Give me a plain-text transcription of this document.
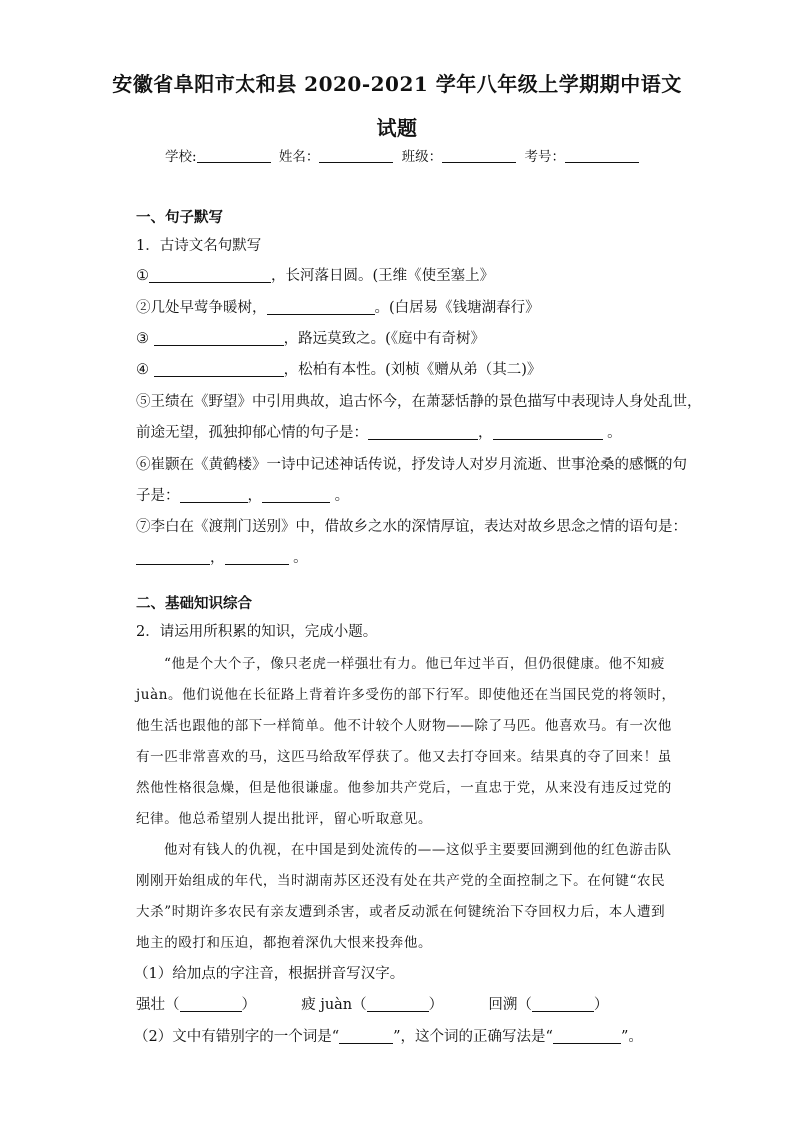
安徽省阜阳市太和县 2020-2021 学年八年级上学期期中语文
试题
学校:	姓名：	班级：	考号：
一、句子默写
1．古诗文名句默写
①	，长河落日圆。(王维《使至塞上》
②几处早莺争暖树，	。(白居易《钱塘湖春行》
③	，路远莫致之。(《庭中有奇树》
④	，松柏有本性。(刘桢《赠从弟（其二)》
⑤王绩在《野望》中引用典故，追古怀今，在萧瑟恬静的景色描写中表现诗人身处乱世，
前途无望，孤独抑郁心情的句子是：	，	。
⑥崔颢在《黄鹤楼》一诗中记述神话传说，抒发诗人对岁月流逝、世事沧桑的感慨的句
子是：	，	。
⑦李白在《渡荆门送别》中，借故乡之水的深情厚谊，表达对故乡思念之情的语句是：
，	。
二、基础知识综合
2．请运用所积累的知识，完成小题。
“他是个大个子，像只老虎一样强壮有力。他已年过半百，但仍很健康。他不知疲
juàn。他们说他在长征路上背着许多受伤的部下行军。即使他还在当国民党的将领时，
他生活也跟他的部下一样简单。他不计较个人财物——除了马匹。他喜欢马。有一次他
有一匹非常喜欢的马，这匹马给敌军俘获了。他又去打夺回来。结果真的夺了回来！虽
然他性格很急燥，但是他很谦虚。他参加共产党后，一直忠于党，从来没有违反过党的
纪律。他总希望别人提出批评，留心听取意见。
他对有钱人的仇视，在中国是到处流传的——这似乎主要要回溯到他的红色游击队
刚刚开始组成的年代，当时湖南苏区还没有处在共产党的全面控制之下。在何键“农民
大杀”时期许多农民有亲友遭到杀害，或者反动派在何键统治下夺回权力后，本人遭到
地主的殴打和压迫，都抱着深仇大恨来投奔他。
（1）给加点的字注音，根据拼音写汉字。
强壮（	）	疲 juàn（	）	回溯（	）
（2）文中有错别字的一个词是“	”，这个词的正确写法是“	”。
